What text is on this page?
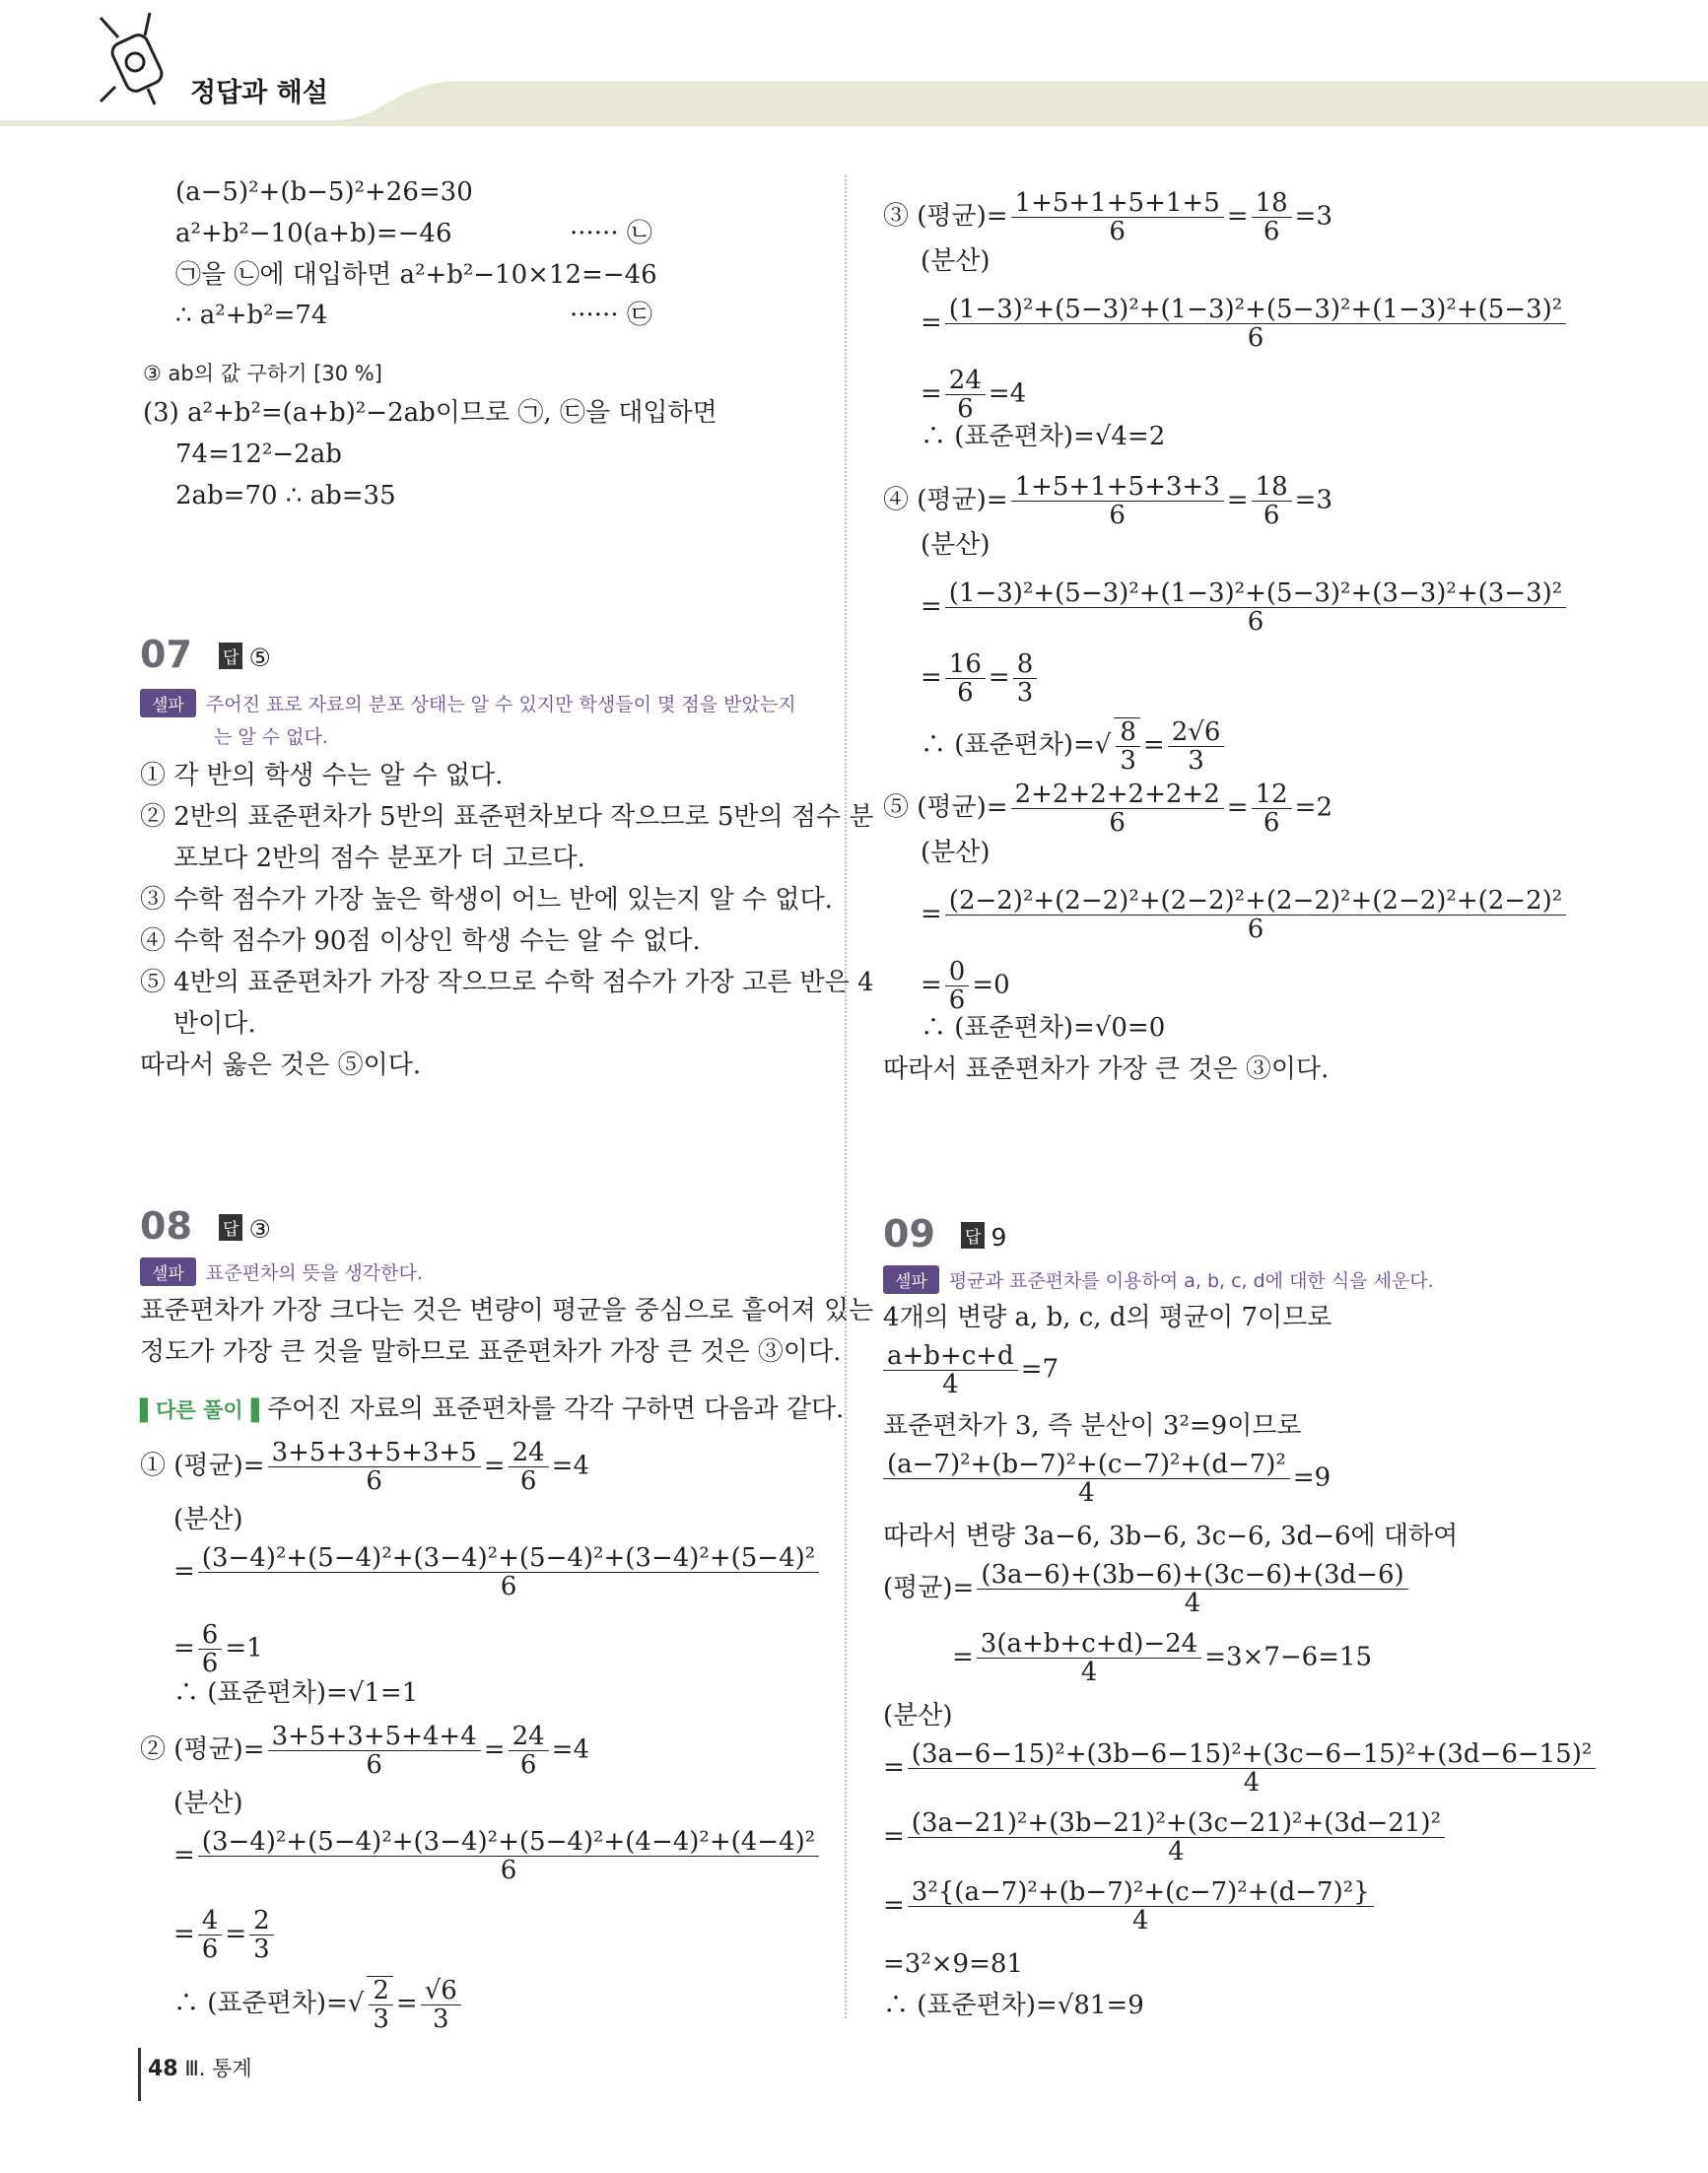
정답과 해설
(a−5)²+(b−5)²+26=30
a²+b²−10(a+b)=−46	······ ㉡
㉠을 ㉡에 대입하면 a²+b²−10×12=−46
∴ a²+b²=74	······ ㉢
③ ab의 값 구하기 [30 %]
(3) a²+b²=(a+b)²−2ab이므로 ㉠, ㉢을 대입하면
74=12²−2ab
2ab=70 ∴ ab=35
07 답 ⑤
셀파 주어진 표로 자료의 분포 상태는 알 수 있지만 학생들이 몇 점을 받았는지
는 알 수 없다.
① 각 반의 학생 수는 알 수 없다.
② 2반의 표준편차가 5반의 표준편차보다 작으므로 5반의 점수 분
포보다 2반의 점수 분포가 더 고르다.
③ 수학 점수가 가장 높은 학생이 어느 반에 있는지 알 수 없다.
④ 수학 점수가 90점 이상인 학생 수는 알 수 없다.
⑤ 4반의 표준편차가 가장 작으므로 수학 점수가 가장 고른 반은 4
반이다.
따라서 옳은 것은 ⑤이다.
08 답 ③
셀파 표준편차의 뜻을 생각한다.
표준편차가 가장 크다는 것은 변량이 평균을 중심으로 흩어져 있는
정도가 가장 큰 것을 말하므로 표준편차가 가장 큰 것은 ③이다.
▌다른 풀이▐ 주어진 자료의 표준편차를 각각 구하면 다음과 같다.
① (평균)= $\frac{3+5+3+5+3+5}{6} = \frac{24}{6} =4$
(분산)
= $\frac{\text{(3−4)²+(5−4)²+(3−4)²+(5−4)²+(3−4)²+(5−4)²}}{6}$
= $\frac{6}{6} =1$
∴ (표준편차)=√1=1
② (평균)= $\frac{3+5+3+5+4+4}{6} = \frac{24}{6} =4$
(분산)
= $\frac{\text{(3−4)²+(5−4)²+(3−4)²+(5−4)²+(4−4)²+(4−4)²}}{6}$
= $\frac{4}{6} = \frac{2}{3}$
∴ (표준편차)=√ $\frac{2}{3} = \frac{√6}{3}$
③ (평균)= $\frac{1+5+1+5+1+5}{6} = \frac{18}{6} =3$
(분산)
= $\frac{\text{(1−3)²+(5−3)²+(1−3)²+(5−3)²+(1−3)²+(5−3)²}}{6}$
= $\frac{24}{6} =4$
∴ (표준편차)=√4=2
④ (평균)= $\frac{1+5+1+5+3+3}{6} = \frac{18}{6} =3$
(분산)
= $\frac{\text{(1−3)²+(5−3)²+(1−3)²+(5−3)²+(3−3)²+(3−3)²}}{6}$
= $\frac{16}{6} = \frac{8}{3}$
∴ (표준편차)=√ $\frac{8}{3} = \frac{2√6}{3}$
⑤ (평균)= $\frac{2+2+2+2+2+2}{6} = \frac{12}{6} =2$
(분산)
= $\frac{\text{(2−2)²+(2−2)²+(2−2)²+(2−2)²+(2−2)²+(2−2)²}}{6}$
= $\frac{0}{6} =0$
∴ (표준편차)=√0=0
따라서 표준편차가 가장 큰 것은 ③이다.
09 답 9
셀파 평균과 표준편차를 이용하여 a, b, c, d에 대한 식을 세운다.
4개의 변량 a, b, c, d의 평균이 7이므로
$\frac{a+b+c+d}{4} =7$
표준편차가 3, 즉 분산이 3²=9이므로
$\frac{\text{(a−7)²+(b−7)²+(c−7)²+(d−7)²}}{4} =9$
따라서 변량 3a−6, 3b−6, 3c−6, 3d−6에 대하여
(평균)= $\frac{(3a-6)+(3b-6)+(3c-6)+(3d-6)}{4}$
= $\frac{3(a+b+c+d)-24}{4} =3\times 7-6=15$
(분산)
= $\frac{\text{(3a−6−15)²+(3b−6−15)²+(3c−6−15)²+(3d−6−15)²}}{4}$
= $\frac{\text{(3a−21)²+(3b−21)²+(3c−21)²+(3d−21)²}}{4}$
= $\frac{\text{3²\{(a−7)²+(b−7)²+(c−7)²+(d−7)²\}}}{4}$
=3²×9=81
∴ (표준편차)=√81=9
48 Ⅲ. 통계
